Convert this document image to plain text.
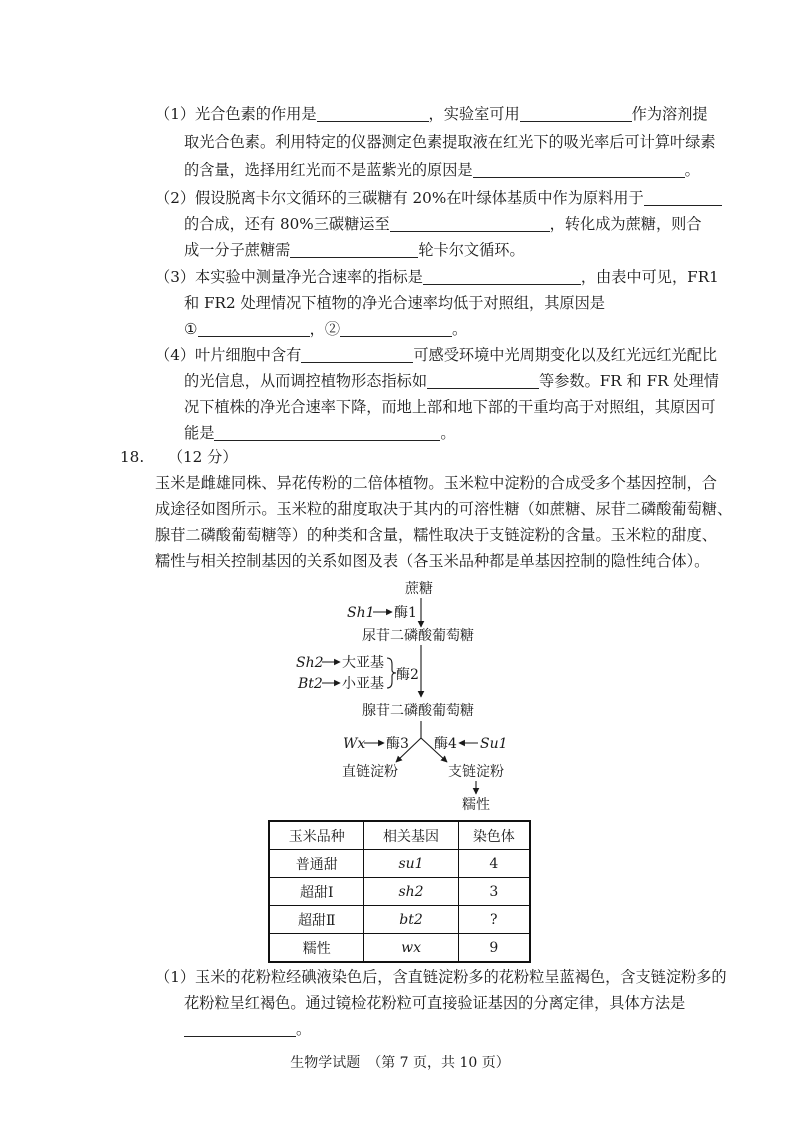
（1）光合色素的作用是	，实验室可用	作为溶剂提
取光合色素。利用特定的仪器测定色素提取液在红光下的吸光率后可计算叶绿素
的含量，选择用红光而不是蓝紫光的原因是	。
（2）假设脱离卡尔文循环的三碳糖有 20%在叶绿体基质中作为原料用于
的合成，还有 80%三碳糖运至	，转化成为蔗糖，则合
成一分子蔗糖需	轮卡尔文循环。
（3）本实验中测量净光合速率的指标是	，由表中可见，FR1
和 FR2 处理情况下植物的净光合速率均低于对照组，其原因是
①	，②	。
（4）叶片细胞中含有	可感受环境中光周期变化以及红光远红光配比
的光信息，从而调控植物形态指标如	等参数。FR 和 FR 处理情
况下植株的净光合速率下降，而地上部和地下部的干重均高于对照组，其原因可
能是	。
18. （12 分）
玉米是雌雄同株、异花传粉的二倍体植物。玉米粒中淀粉的合成受多个基因控制，合
成途径如图所示。玉米粒的甜度取决于其内的可溶性糖（如蔗糖、尿苷二磷酸葡萄糖、
腺苷二磷酸葡萄糖等）的种类和含量，糯性取决于支链淀粉的含量。玉米粒的甜度、
糯性与相关控制基因的关系如图及表（各玉米品种都是单基因控制的隐性纯合体）。
蔗糖
Sh1 酶1
尿苷二磷酸葡萄糖
Sh2 大亚基
Bt2 小亚基
酶2
腺苷二磷酸葡萄糖
Wx 酶3 酶4 Su1
直链淀粉	支链淀粉
糯性
玉米品种	相关基因	染色体
普通甜	su1	4
超甜Ⅰ	sh2	3
超甜Ⅱ	bt2	?
糯性	wx	9
（1）玉米的花粉粒经碘液染色后，含直链淀粉多的花粉粒呈蓝褐色，含支链淀粉多的
花粉粒呈红褐色。通过镜检花粉粒可直接验证基因的分离定律，具体方法是
。
生物学试题　（第 7 页，共 10 页）
